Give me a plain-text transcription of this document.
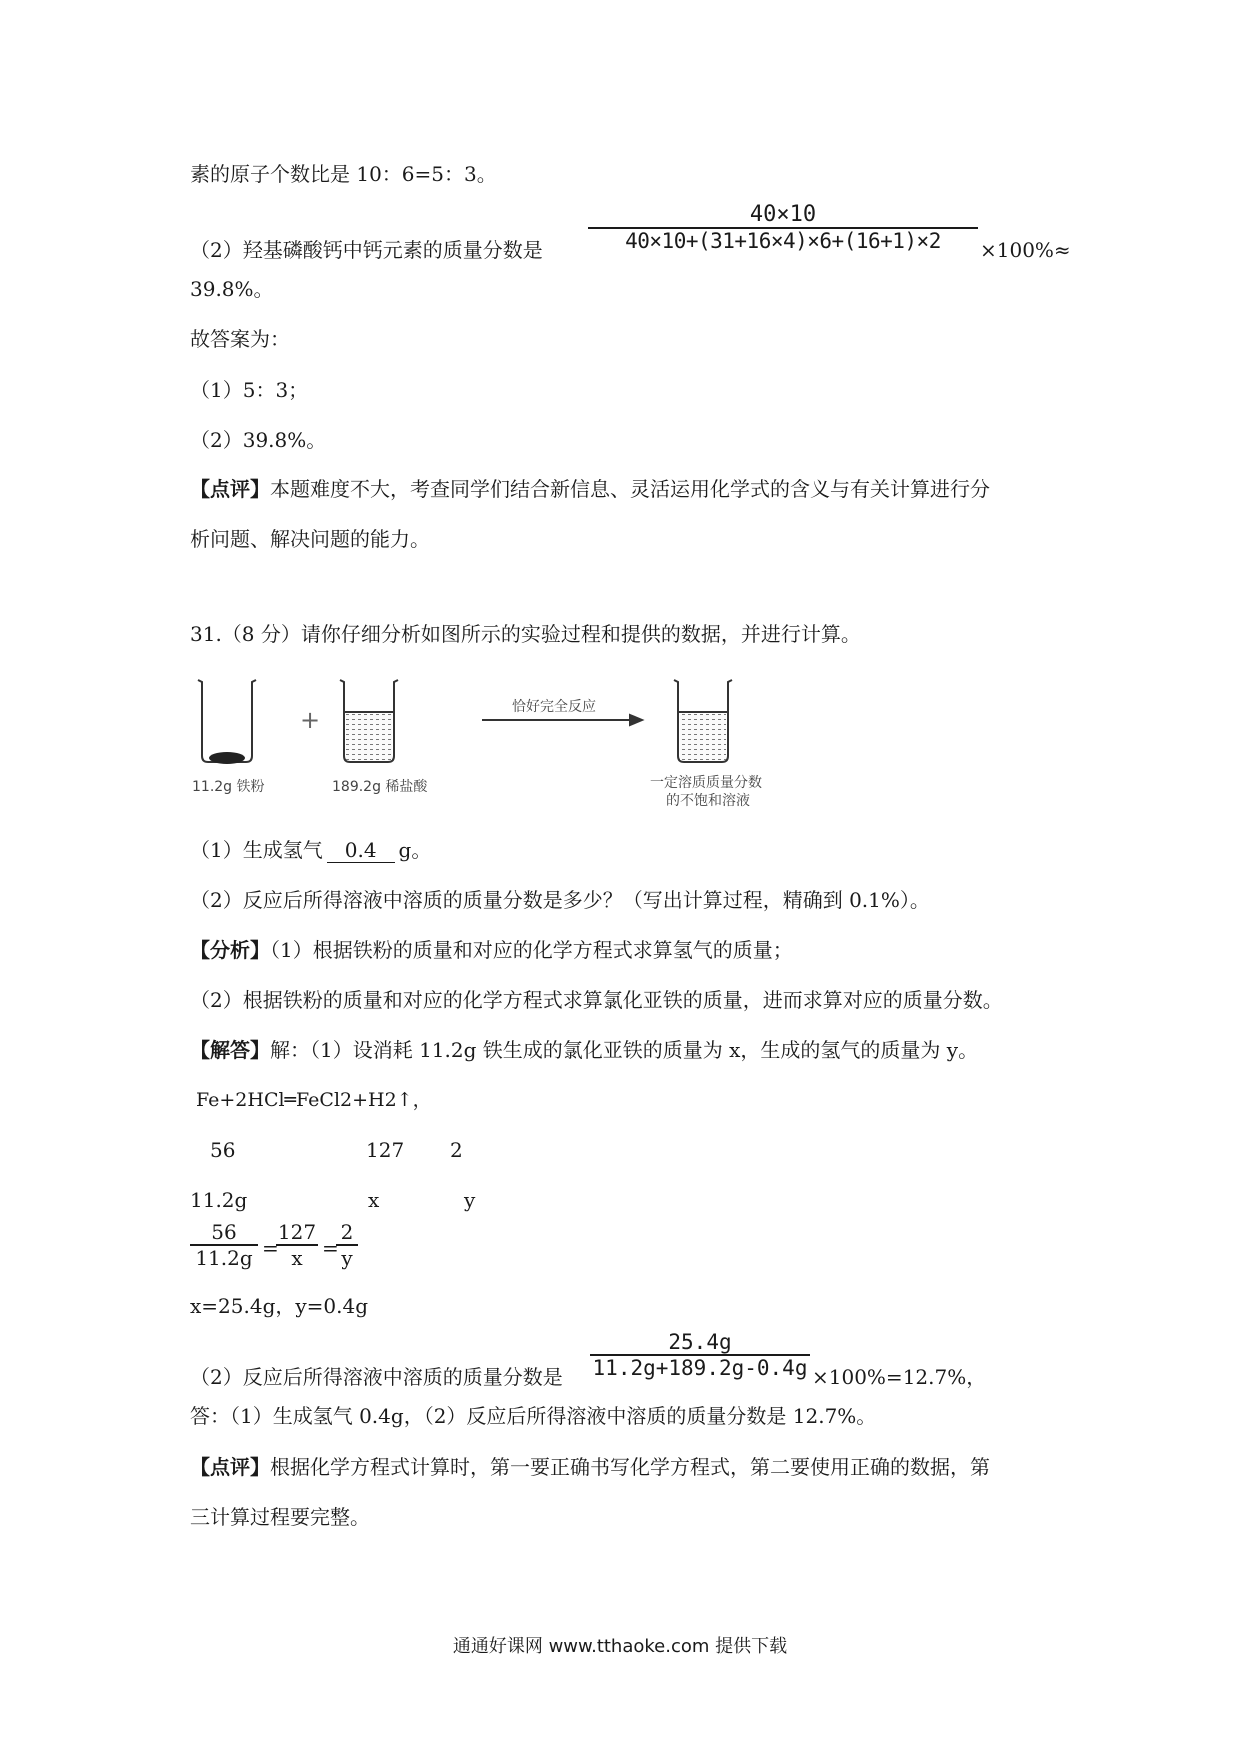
素的原子个数比是 10：6=5：3。
（2）羟基磷酸钙中钙元素的质量分数是
40×10
40×10+(31+16×4)×6+(16+1)×2	×100%≈
39.8%。
故答案为：
（1）5：3；
（2）39.8%。
【点评】本题难度不大，考查同学们结合新信息、灵活运用化学式的含义与有关计算进行分
析问题、解决问题的能力。
31.（8 分）请你仔细分析如图所示的实验过程和提供的数据，并进行计算。
+
11.2g 铁粉	189.2g 稀盐酸
恰好完全反应
一定溶质质量分数
的不饱和溶液
（1）生成氢气 0.4 g。
（2）反应后所得溶液中溶质的质量分数是多少？（写出计算过程，精确到 0.1%）。
【分析】（1）根据铁粉的质量和对应的化学方程式求算氢气的质量；
（2）根据铁粉的质量和对应的化学方程式求算氯化亚铁的质量，进而求算对应的质量分数。
【解答】解：（1）设消耗 11.2g 铁生成的氯化亚铁的质量为 x，生成的氢气的质量为 y。
Fe+2HCl═FeCl2+H2↑，
56	127 2
11.2g	x	y
56
11.2g =
127
x =
2
y
x=25.4g，y=0.4g
（2）反应后所得溶液中溶质的质量分数是
25.4g
11.2g+189.2g-0.4g ×100%=12.7%，
答：（1）生成氢气 0.4g，（2）反应后所得溶液中溶质的质量分数是 12.7%。
【点评】根据化学方程式计算时，第一要正确书写化学方程式，第二要使用正确的数据，第
三计算过程要完整。
通通好课网 www.tthaoke.com 提供下载
